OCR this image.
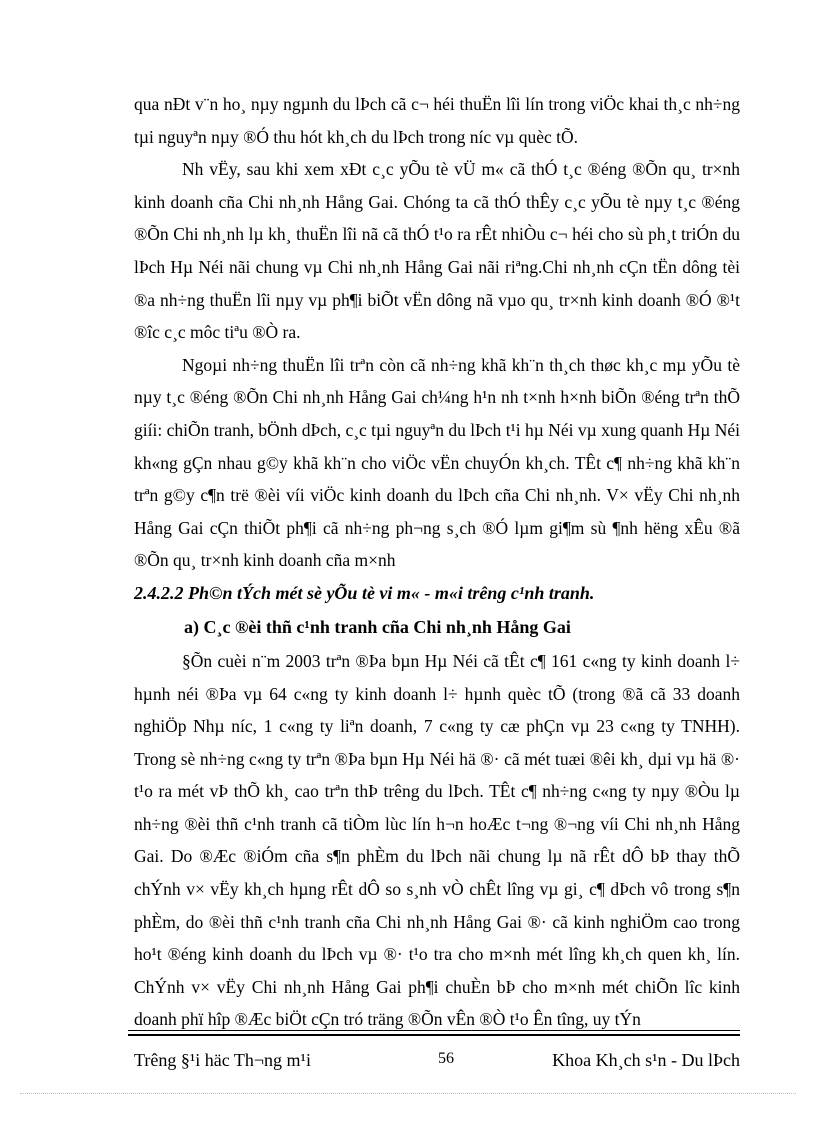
qua nÐt v¨n ho¸ nµy ngµnh du lÞch cã c¬ héi thuËn lîi lín trong viÖc khai th¸c nh÷ng tµi nguyªn nµy ®Ó thu hót kh¸ch du lÞch trong níc vµ quèc tÕ.

Nh vËy, sau khi xem xÐt c¸c yÕu tè vÜ m« cã thÓ t¸c ®éng ®Õn qu¸ tr×nh kinh doanh cña Chi nh¸nh Hång Gai. Chóng ta cã thÓ thÊy c¸c yÕu tè nµy t¸c ®éng ®Õn Chi nh¸nh lµ kh¸ thuËn lîi nã cã thÓ t¹o ra rÊt nhiÒu c¬ héi cho sù ph¸t triÓn du lÞch Hµ Néi nãi chung vµ Chi nh¸nh Hång Gai nãi riªng.Chi nh¸nh cÇn tËn dông tèi ®a nh÷ng thuËn lîi nµy vµ ph¶i biÕt vËn dông nã vµo qu¸ tr×nh kinh doanh ®Ó ®¹t ®îc c¸c môc tiªu ®Ò ra.

Ngoµi nh÷ng thuËn lîi trªn còn cã nh÷ng khã kh¨n th¸ch thøc kh¸c mµ yÕu tè nµy t¸c ®éng ®Õn Chi nh¸nh Hång Gai ch¼ng h¹n nh t×nh h×nh biÕn ®éng trªn thÕ giíi: chiÕn tranh, bÖnh dÞch, c¸c tµi nguyªn du lÞch t¹i hµ Néi vµ xung quanh Hµ Néi kh«ng gÇn nhau g©y khã kh¨n cho viÖc vËn chuyÓn kh¸ch. TÊt c¶ nh÷ng khã kh¨n trªn g©y c¶n trë ®èi víi viÖc kinh doanh du lÞch cña Chi nh¸nh. V× vËy Chi nh¸nh Hång Gai cÇn thiÕt ph¶i cã nh÷ng ph¬ng s¸ch ®Ó lµm gi¶m sù ¶nh hëng xÊu ®ã ®Õn qu¸ tr×nh kinh doanh cña m×nh

2.4.2.2 Ph©n tÝch mét sè yÕu tè vi m« - m«i trêng c¹nh tranh.

a) C¸c ®èi thñ c¹nh tranh cña Chi nh¸nh Hång Gai

§Õn cuèi n¨m 2003 trªn ®Þa bµn Hµ Néi cã tÊt c¶ 161 c«ng ty kinh doanh l÷ hµnh néi ®Þa vµ 64 c«ng ty kinh doanh l÷ hµnh quèc tÕ (trong ®ã cã 33 doanh nghiÖp Nhµ níc, 1 c«ng ty liªn doanh, 7 c«ng ty cæ phÇn vµ 23 c«ng ty TNHH). Trong sè nh÷ng c«ng ty trªn ®Þa bµn Hµ Néi hä ®· cã mét tuæi ®êi kh¸ dµi vµ hä ®· t¹o ra mét vÞ thÕ kh¸ cao trªn thÞ trêng du lÞch. TÊt c¶ nh÷ng c«ng ty nµy ®Òu lµ nh÷ng ®èi thñ c¹nh tranh cã tiÒm lùc lín h¬n hoÆc t¬ng ®¬ng víi Chi nh¸nh Hång Gai. Do ®Æc ®iÓm cña s¶n phÈm du lÞch nãi chung lµ nã rÊt dÔ bÞ thay thÕ chÝnh v× vËy kh¸ch hµng rÊt dÔ so s¸nh vÒ chÊt lîng vµ gi¸ c¶ dÞch vô trong s¶n phÈm, do ®èi thñ c¹nh tranh cña Chi nh¸nh Hång Gai ®· cã kinh nghiÖm cao trong ho¹t ®éng kinh doanh du lÞch vµ ®· t¹o tra cho m×nh mét lîng kh¸ch quen kh¸ lín. ChÝnh v× vËy Chi nh¸nh Hång Gai ph¶i chuÈn bÞ cho m×nh mét chiÕn lîc kinh doanh phï hîp ®Æc biÖt cÇn tró träng ®Õn vÊn ®Ò t¹o Ên tîng, uy tÝn

Trêng §¹i häc Th¬ng m¹i	56	Khoa Kh¸ch s¹n - Du lÞch
